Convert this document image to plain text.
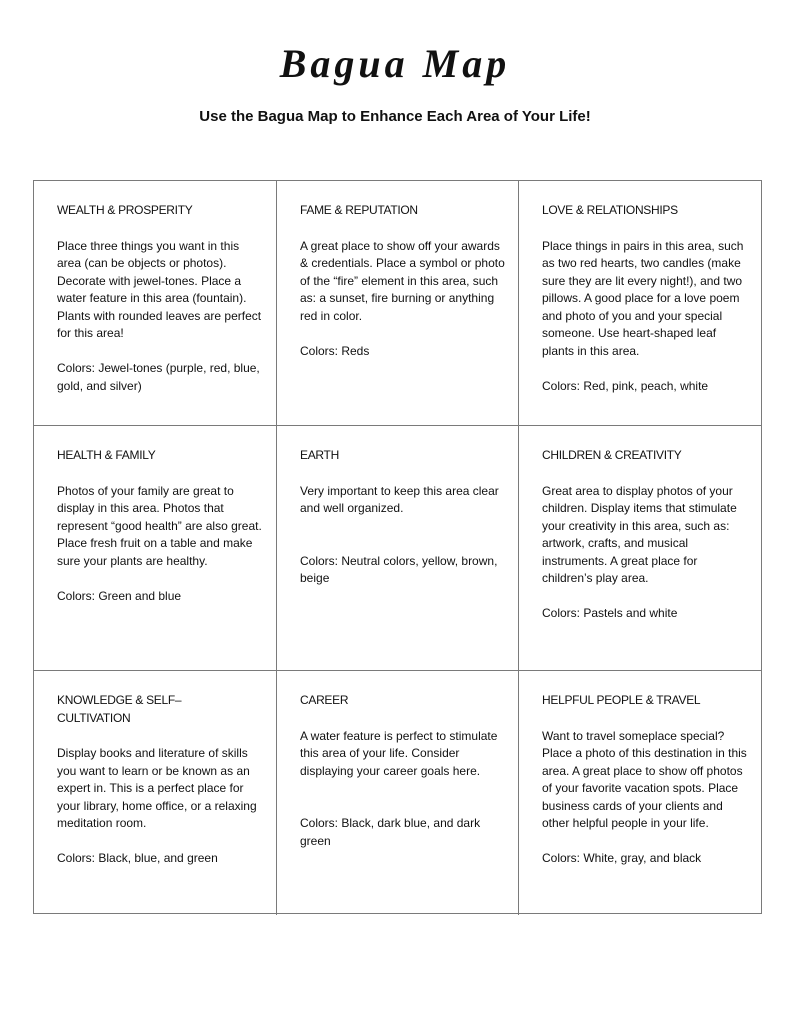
Bagua Map

Use the Bagua Map to Enhance Each Area of Your Life!

WEALTH & PROSPERITY

Place three things you want in this area (can be objects or photos). Decorate with jewel-tones. Place a water feature in this area (fountain). Plants with rounded leaves are perfect for this area!

Colors: Jewel-tones (purple, red, blue, gold, and silver)

FAME & REPUTATION

A great place to show off your awards & credentials. Place a symbol or photo of the “fire” element in this area, such as: a sunset, fire burning or anything red in color.

Colors: Reds

LOVE & RELATIONSHIPS

Place things in pairs in this area, such as two red hearts, two candles (make sure they are lit every night!), and two pillows. A good place for a love poem and photo of you and your special someone. Use heart-shaped leaf plants in this area.

Colors: Red, pink, peach, white

HEALTH & FAMILY

Photos of your family are great to display in this area. Photos that represent “good health” are also great. Place fresh fruit on a table and make sure your plants are healthy.

Colors: Green and blue

EARTH

Very important to keep this area clear and well organized.

Colors: Neutral colors, yellow, brown, beige

CHILDREN & CREATIVITY

Great area to display photos of your children. Display items that stimulate your creativity in this area, such as: artwork, crafts, and musical instruments. A great place for children’s play area.

Colors: Pastels and white

KNOWLEDGE & SELF–CULTIVATION

Display books and literature of skills you want to learn or be known as an expert in. This is a perfect place for your library, home office, or a relaxing meditation room.

Colors: Black, blue, and green

CAREER

A water feature is perfect to stimulate this area of your life. Consider displaying your career goals here.

Colors: Black, dark blue, and dark green

HELPFUL PEOPLE & TRAVEL

Want to travel someplace special? Place a photo of this destination in this area. A great place to show off photos of your favorite vacation spots. Place business cards of your clients and other helpful people in your life.

Colors: White, gray, and black
